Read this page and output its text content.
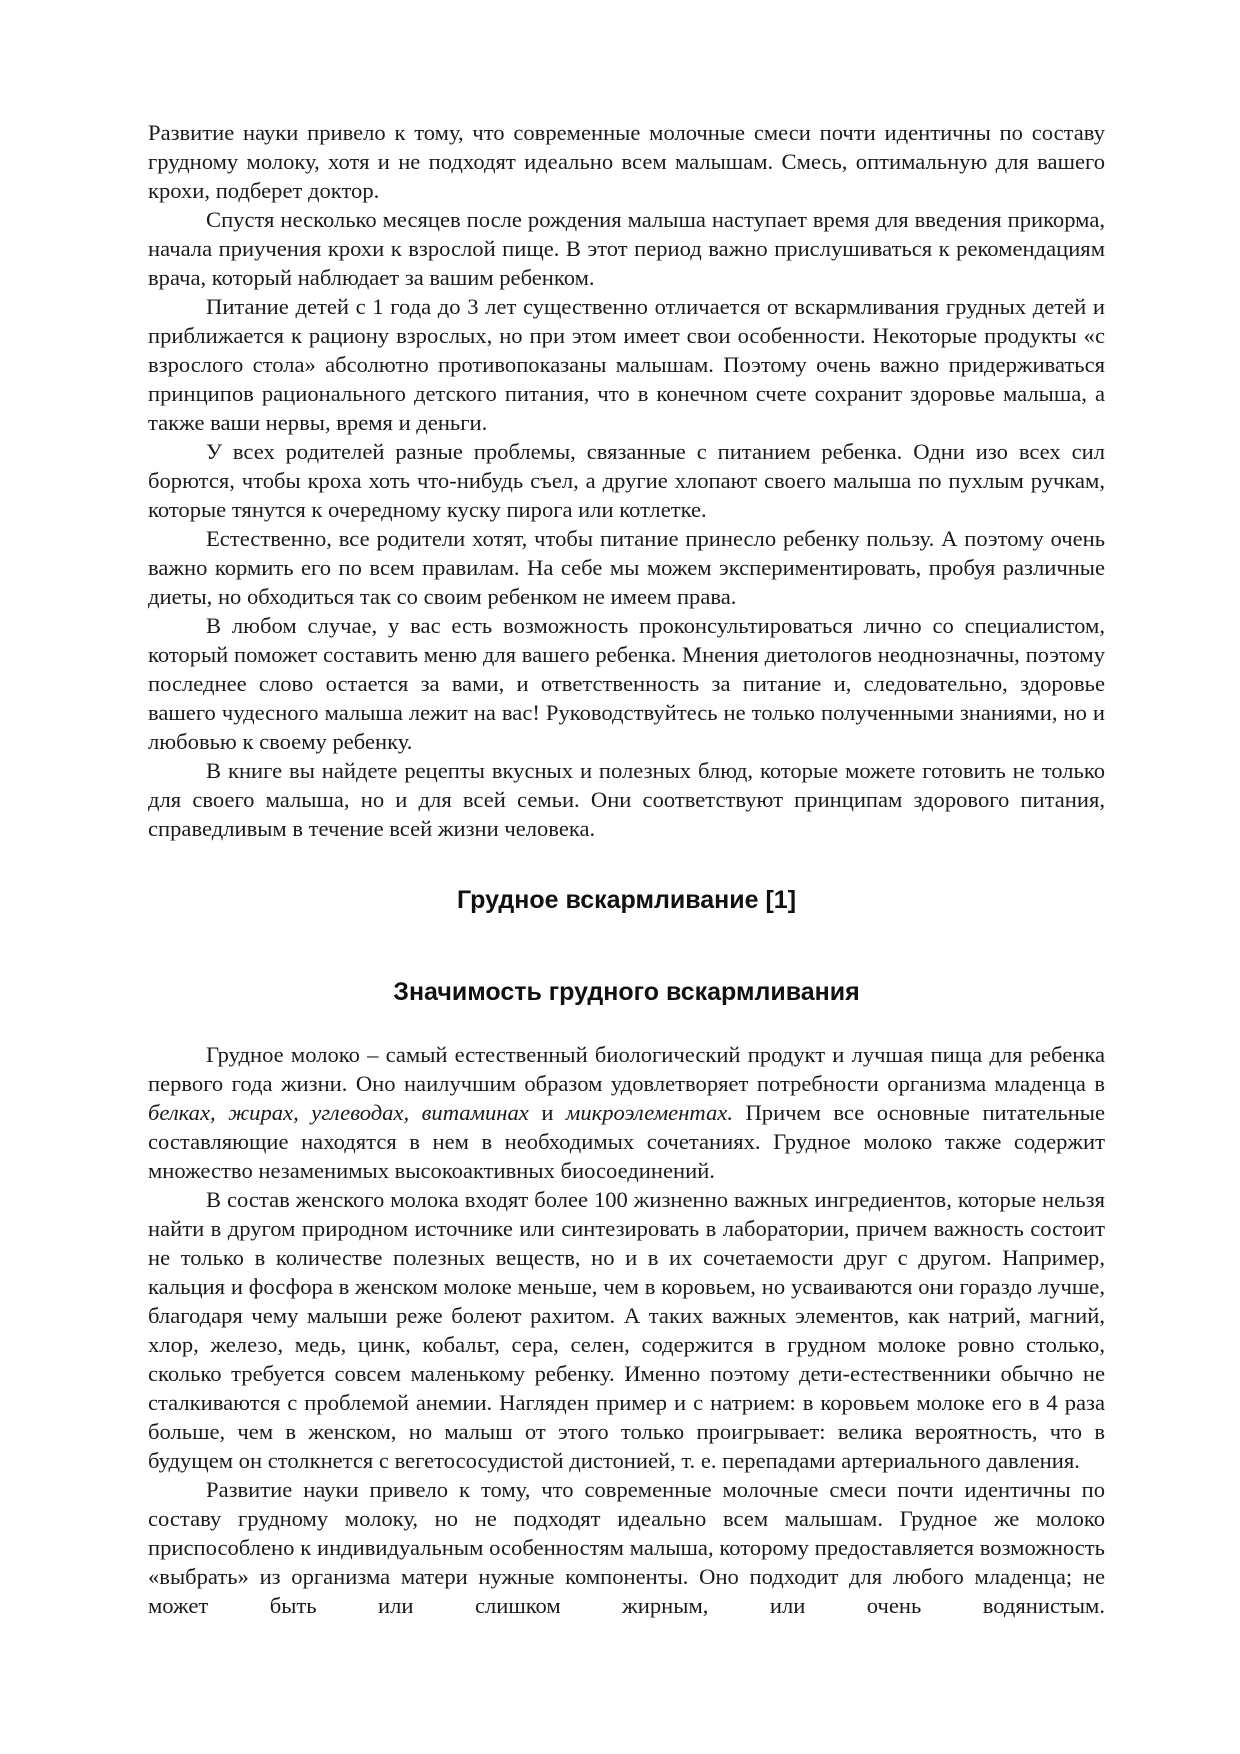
Развитие науки привело к тому, что современные молочные смеси почти идентичны по составу грудному молоку, хотя и не подходят идеально всем малышам. Смесь, оптимальную для вашего крохи, подберет доктор.

Спустя несколько месяцев после рождения малыша наступает время для введения прикорма, начала приучения крохи к взрослой пище. В этот период важно прислушиваться к рекомендациям врача, который наблюдает за вашим ребенком.

Питание детей с 1 года до 3 лет существенно отличается от вскармливания грудных детей и приближается к рациону взрослых, но при этом имеет свои особенности. Некоторые продукты «с взрослого стола» абсолютно противопоказаны малышам. Поэтому очень важно придерживаться принципов рационального детского питания, что в конечном счете сохранит здоровье малыша, а также ваши нервы, время и деньги.

У всех родителей разные проблемы, связанные с питанием ребенка. Одни изо всех сил борются, чтобы кроха хоть что-нибудь съел, а другие хлопают своего малыша по пухлым ручкам, которые тянутся к очередному куску пирога или котлетке.

Естественно, все родители хотят, чтобы питание принесло ребенку пользу. А поэтому очень важно кормить его по всем правилам. На себе мы можем экспериментировать, пробуя различные диеты, но обходиться так со своим ребенком не имеем права.

В любом случае, у вас есть возможность проконсультироваться лично со специалистом, который поможет составить меню для вашего ребенка. Мнения диетологов неоднозначны, поэтому последнее слово остается за вами, и ответственность за питание и, следовательно, здоровье вашего чудесного малыша лежит на вас! Руководствуйтесь не только полученными знаниями, но и любовью к своему ребенку.

В книге вы найдете рецепты вкусных и полезных блюд, которые можете готовить не только для своего малыша, но и для всей семьи. Они соответствуют принципам здорового питания, справедливым в течение всей жизни человека.

Грудное вскармливание [1]
Значимость грудного вскармливания

Грудное молоко – самый естественный биологический продукт и лучшая пища для ребенка первого года жизни. Оно наилучшим образом удовлетворяет потребности организма младенца в белках, жирах, углеводах, витаминах и микроэлементах. Причем все основные питательные составляющие находятся в нем в необходимых сочетаниях. Грудное молоко также содержит множество незаменимых высокоактивных биосоединений.

В состав женского молока входят более 100 жизненно важных ингредиентов, которые нельзя найти в другом природном источнике или синтезировать в лаборатории, причем важность состоит не только в количестве полезных веществ, но и в их сочетаемости друг с другом. Например, кальция и фосфора в женском молоке меньше, чем в коровьем, но усваиваются они гораздо лучше, благодаря чему малыши реже болеют рахитом. А таких важных элементов, как натрий, магний, хлор, железо, медь, цинк, кобальт, сера, селен, содержится в грудном молоке ровно столько, сколько требуется совсем маленькому ребенку. Именно поэтому дети-естественники обычно не сталкиваются с проблемой анемии. Нагляден пример и с натрием: в коровьем молоке его в 4 раза больше, чем в женском, но малыш от этого только проигрывает: велика вероятность, что в будущем он столкнется с вегетососудистой дистонией, т. е. перепадами артериального давления.

Развитие науки привело к тому, что современные молочные смеси почти идентичны по составу грудному молоку, но не подходят идеально всем малышам. Грудное же молоко приспособлено к индивидуальным особенностям малыша, которому предоставляется возможность «выбрать» из организма матери нужные компоненты. Оно подходит для любого младенца; не может быть или слишком жирным, или очень водянистым.
